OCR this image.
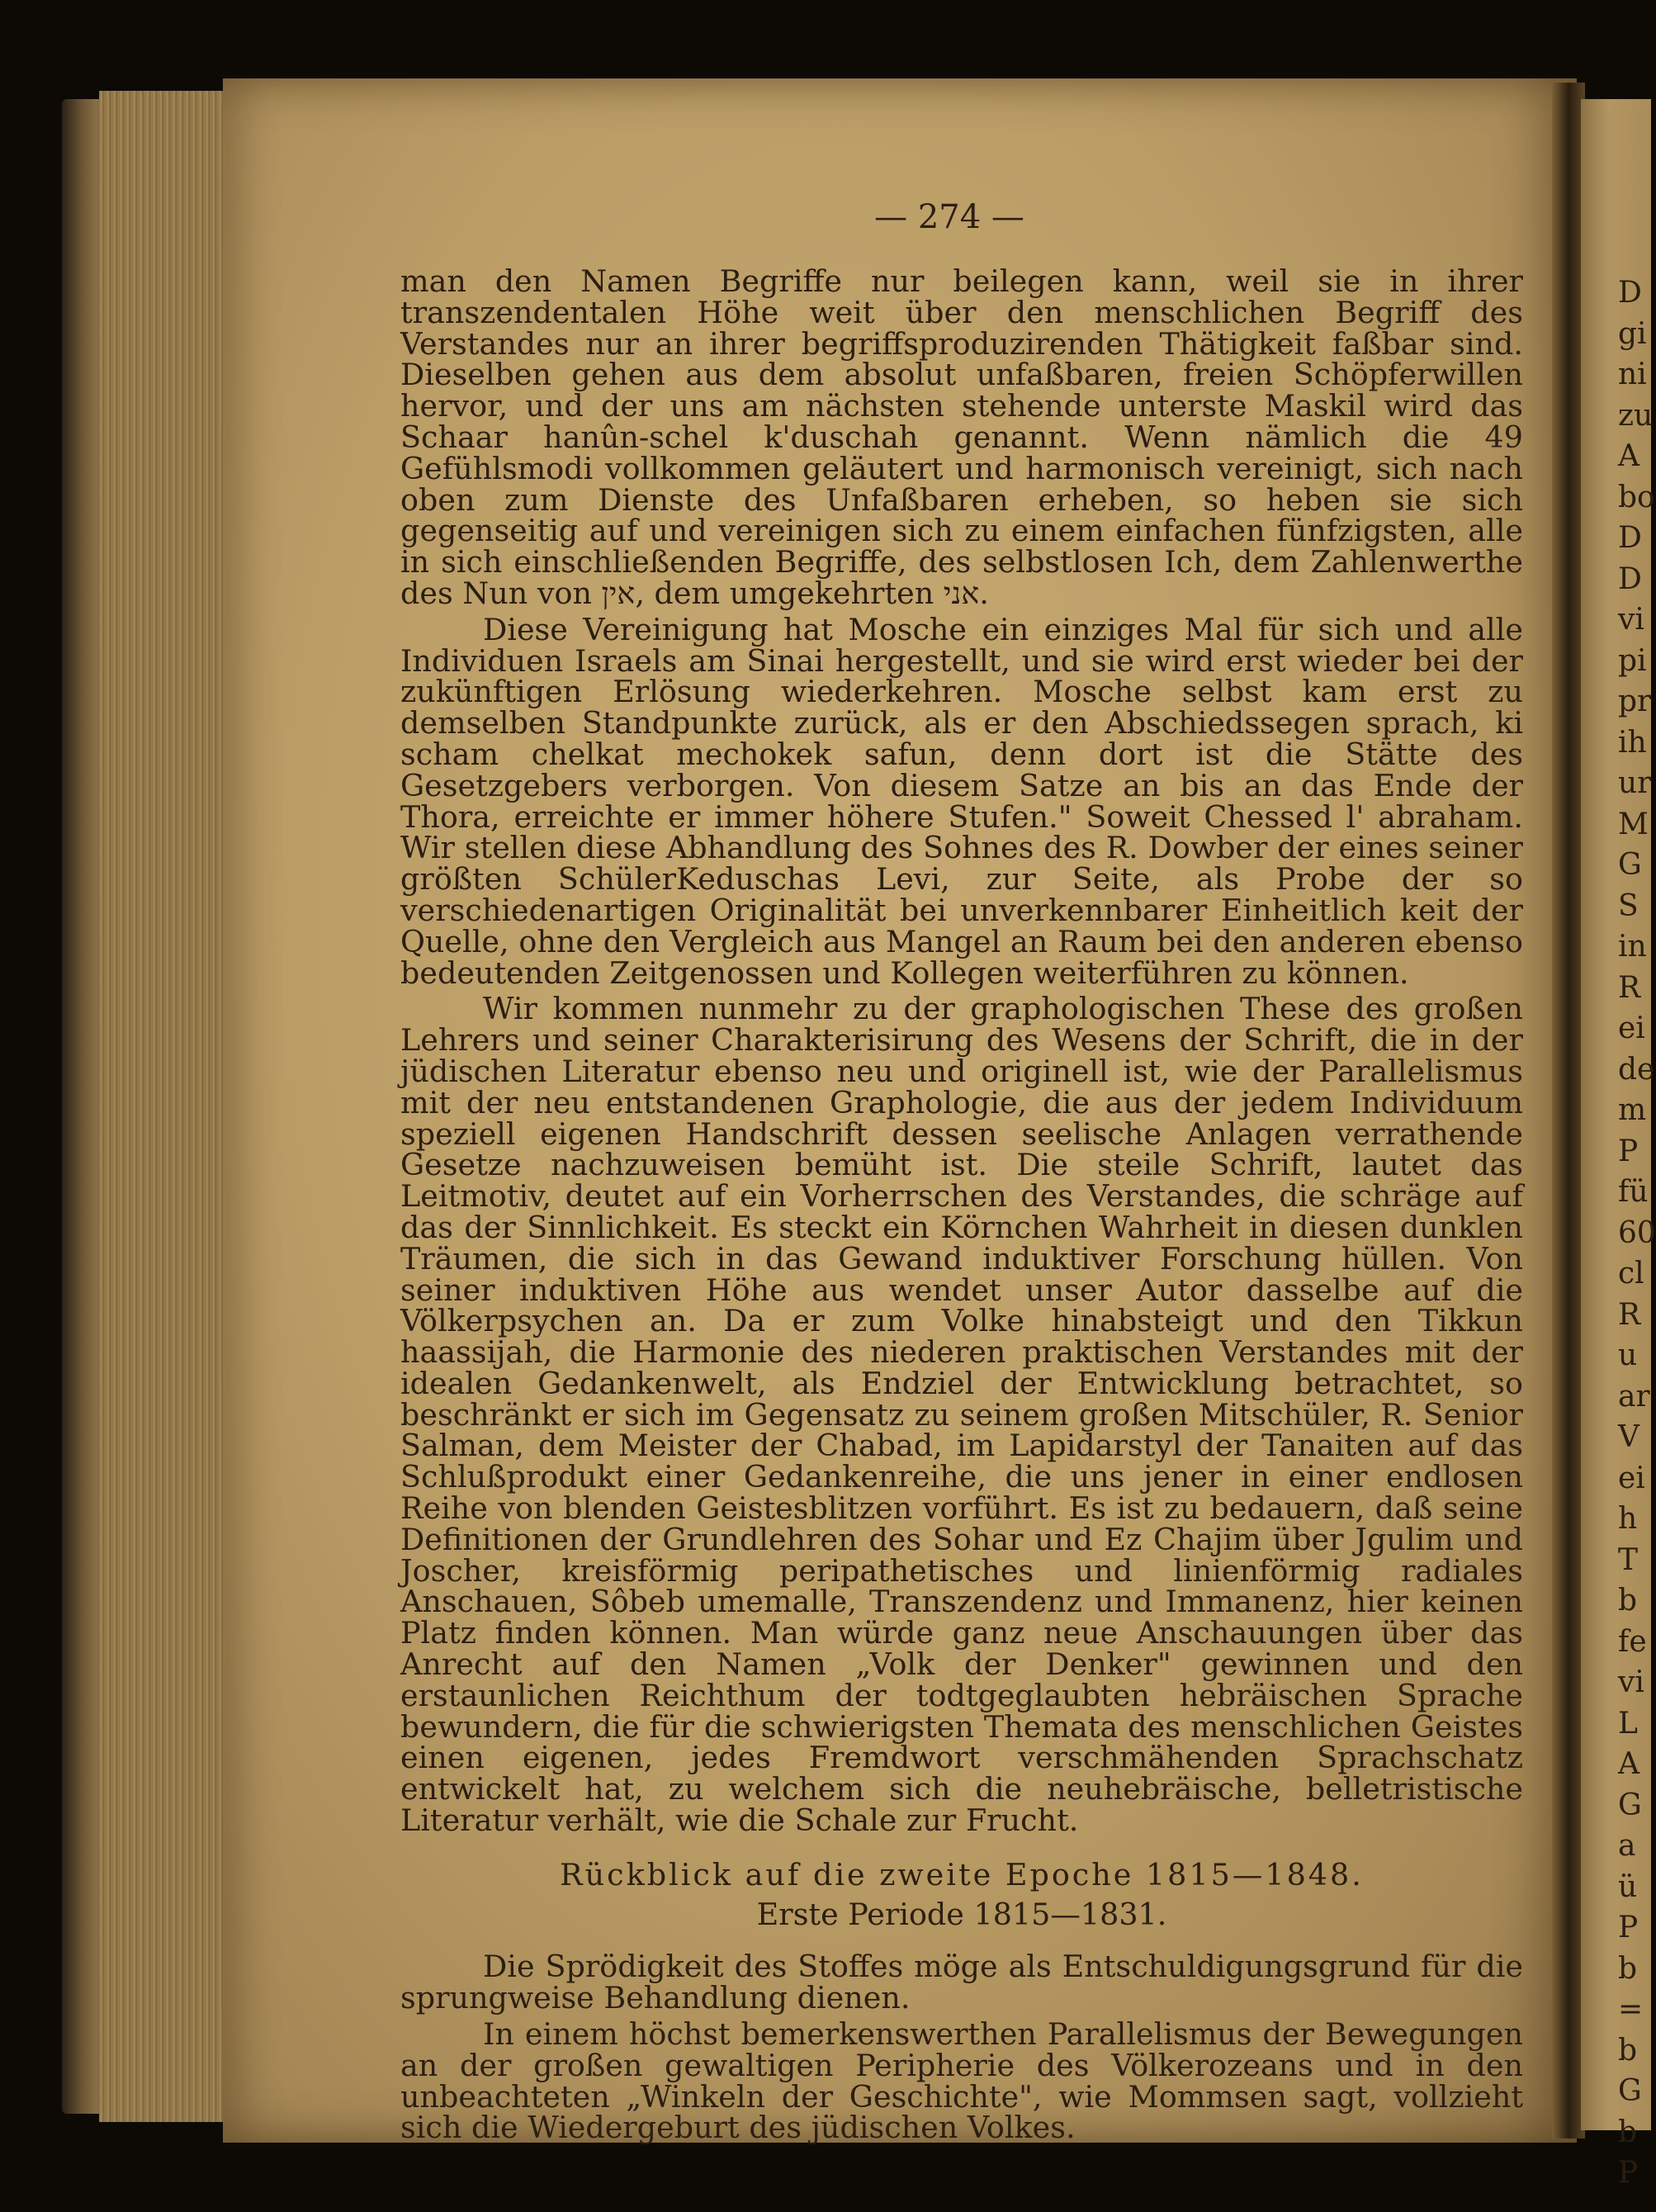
D
gi
ni
zu
A
bo
D
D
vi
pi
pr
ih
ur
M
G
S
in
R
ei
de
m
P
fü
60
cl
R
u
ar
V
ei
h
T
b
fe
vi
L
A
G
a
ü
P
b
=
b
G
b
P
— 274 —

man den Namen Begriffe nur beilegen kann, weil sie in ihrer transzendentalen Höhe weit über den menschlichen Begriff des Verstandes nur an ihrer begriffsproduzirenden Thätigkeit faßbar sind. Dieselben gehen aus dem absolut unfaßbaren, freien Schöpferwillen hervor, und der uns am nächsten stehende unterste Maskil wird das Schaar hanûn-schel k'duschah genannt. Wenn nämlich die 49 Gefühlsmodi vollkommen geläutert und harmonisch vereinigt, sich nach oben zum Dienste des Unfaßbaren erheben, so heben sie sich gegenseitig auf und vereinigen sich zu einem einfachen fünfzigsten, alle in sich einschließenden Begriffe, des selbstlosen Ich, dem Zahlenwerthe des Nun von אין, dem umgekehrten אני.

Diese Vereinigung hat Mosche ein einziges Mal für sich und alle Individuen Israels am Sinai hergestellt, und sie wird erst wieder bei der zukünftigen Erlösung wiederkehren. Mosche selbst kam erst zu demselben Standpunkte zurück, als er den Abschiedssegen sprach, ki scham chelkat mechokek safun, denn dort ist die Stätte des Gesetzgebers verborgen. Von diesem Satze an bis an das Ende der Thora, erreichte er immer höhere Stufen." Soweit Chessed l' abraham. Wir stellen diese Abhandlung des Sohnes des R. Dowber der eines seiner größten SchülerKeduschas Levi, zur Seite, als Probe der so verschiedenartigen Originalität bei unverkennbarer Einheitlich keit der Quelle, ohne den Vergleich aus Mangel an Raum bei den anderen ebenso bedeutenden Zeitgenossen und Kollegen weiterführen zu können.

Wir kommen nunmehr zu der graphologischen These des großen Lehrers und seiner Charakterisirung des Wesens der Schrift, die in der jüdischen Literatur ebenso neu und originell ist, wie der Parallelismus mit der neu entstandenen Graphologie, die aus der jedem Individuum speziell eigenen Handschrift dessen seelische Anlagen verrathende Gesetze nachzuweisen bemüht ist. Die steile Schrift, lautet das Leitmotiv, deutet auf ein Vorherrschen des Verstandes, die schräge auf das der Sinnlichkeit. Es steckt ein Körnchen Wahrheit in diesen dunklen Träumen, die sich in das Gewand induktiver Forschung hüllen. Von seiner induktiven Höhe aus wendet unser Autor dasselbe auf die Völkerpsychen an. Da er zum Volke hinabsteigt und den Tikkun haassijah, die Harmonie des niederen praktischen Verstandes mit der idealen Gedankenwelt, als Endziel der Entwicklung betrachtet, so beschränkt er sich im Gegensatz zu seinem großen Mitschüler, R. Senior Salman, dem Meister der Chabad, im Lapidarstyl der Tanaiten auf das Schlußprodukt einer Gedankenreihe, die uns jener in einer endlosen Reihe von blenden Geistesblitzen vorführt. Es ist zu bedauern, daß seine Definitionen der Grundlehren des Sohar und Ez Chajim über Jgulim und Joscher, kreisförmig peripathetisches und linienförmig radiales Anschauen, Sôbeb umemalle, Transzendenz und Immanenz, hier keinen Platz finden können. Man würde ganz neue Anschauungen über das Anrecht auf den Namen „Volk der Denker" gewinnen und den erstaunlichen Reichthum der todtgeglaubten hebräischen Sprache bewundern, die für die schwierigsten Themata des menschlichen Geistes einen eigenen, jedes Fremdwort verschmähenden Sprachschatz entwickelt hat, zu welchem sich die neuhebräische, belletristische Literatur verhält, wie die Schale zur Frucht.

Rückblick auf die zweite Epoche 1815—1848.
Erste Periode 1815—1831.

Die Sprödigkeit des Stoffes möge als Entschuldigungsgrund für die sprungweise Behandlung dienen.

In einem höchst bemerkenswerthen Parallelismus der Bewegungen an der großen gewaltigen Peripherie des Völkerozeans und in den unbeachteten „Winkeln der Geschichte", wie Mommsen sagt, vollzieht sich die Wiedergeburt des jüdischen Volkes.
